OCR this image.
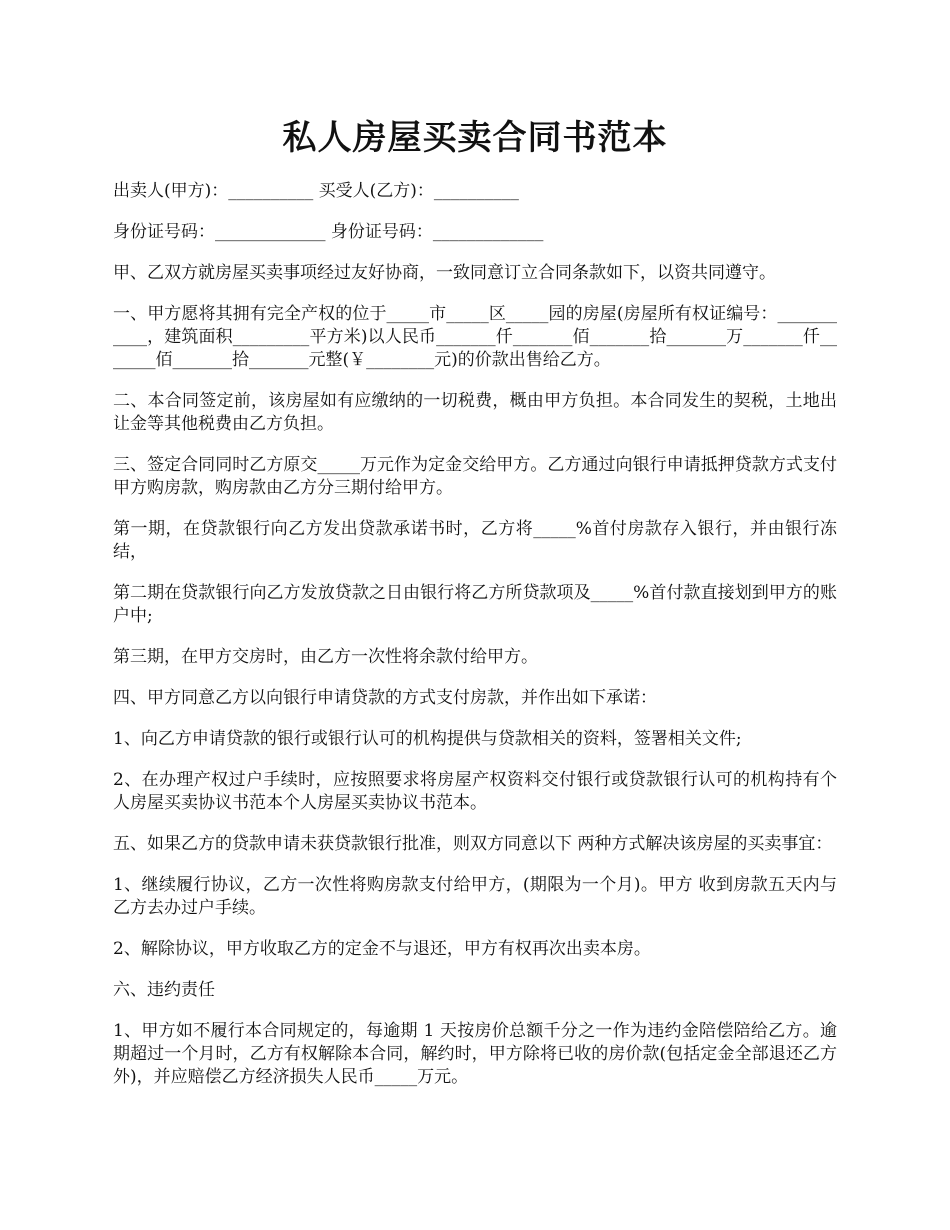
私人房屋买卖合同书范本

出卖人(甲方)：__________ 买受人(乙方)：__________

身份证号码：_____________ 身份证号码：_____________

甲、乙双方就房屋买卖事项经过友好协商，一致同意订立合同条款如下，以资共同遵守。

一、甲方愿将其拥有完全产权的位于_____市_____区_____园的房屋(房屋所有权证编号：___________，建筑面积_________平方米)以人民币_______仟_______佰_______拾_______万_______仟_______佰_______拾_______元整(￥________元)的价款出售给乙方。

二、本合同签定前，该房屋如有应缴纳的一切税费，概由甲方负担。本合同发生的契税，土地出让金等其他税费由乙方负担。

三、签定合同同时乙方原交_____万元作为定金交给甲方。乙方通过向银行申请抵押贷款方式支付甲方购房款，购房款由乙方分三期付给甲方。

第一期，在贷款银行向乙方发出贷款承诺书时，乙方将_____%首付房款存入银行，并由银行冻结，

第二期在贷款银行向乙方发放贷款之日由银行将乙方所贷款项及_____%首付款直接划到甲方的账户中;

第三期，在甲方交房时，由乙方一次性将余款付给甲方。

四、甲方同意乙方以向银行申请贷款的方式支付房款，并作出如下承诺：

1、向乙方申请贷款的银行或银行认可的机构提供与贷款相关的资料，签署相关文件;

2、在办理产权过户手续时，应按照要求将房屋产权资料交付银行或贷款银行认可的机构持有个人房屋买卖协议书范本个人房屋买卖协议书范本。

五、如果乙方的贷款申请未获贷款银行批准，则双方同意以下 两种方式解决该房屋的买卖事宜：

1、继续履行协议，乙方一次性将购房款支付给甲方，(期限为一个月)。甲方 收到房款五天内与乙方去办过户手续。

2、解除协议，甲方收取乙方的定金不与退还，甲方有权再次出卖本房。

六、违约责任

1、甲方如不履行本合同规定的，每逾期 1 天按房价总额千分之一作为违约金陪偿陪给乙方。逾期超过一个月时，乙方有权解除本合同，解约时，甲方除将已收的房价款(包括定金全部退还乙方外)，并应赔偿乙方经济损失人民币_____万元。
